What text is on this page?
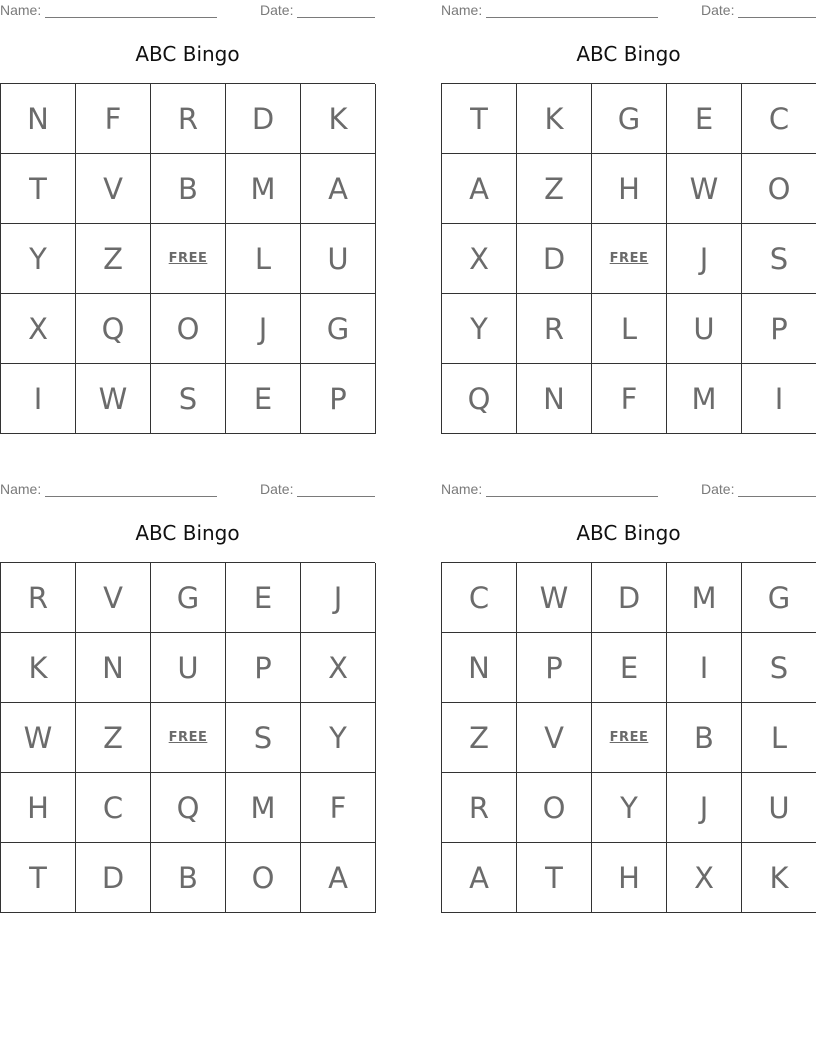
Name:	Date:
ABC Bingo
N	F	R	D	K
T	V	B	M	A
Y	Z	FREE	L	U
X	Q	O	J	G
I	W	S	E	P
Name:	Date:
ABC Bingo
T	K	G	E	C
A	Z	H	W	O
X	D	FREE	J	S
Y	R	L	U	P
Q	N	F	M	I
Name:	Date:
ABC Bingo
R	V	G	E	J
K	N	U	P	X
W	Z	FREE	S	Y
H	C	Q	M	F
T	D	B	O	A
Name:	Date:
ABC Bingo
C	W	D	M	G
N	P	E	I	S
Z	V	FREE	B	L
R	O	Y	J	U
A	T	H	X	K
